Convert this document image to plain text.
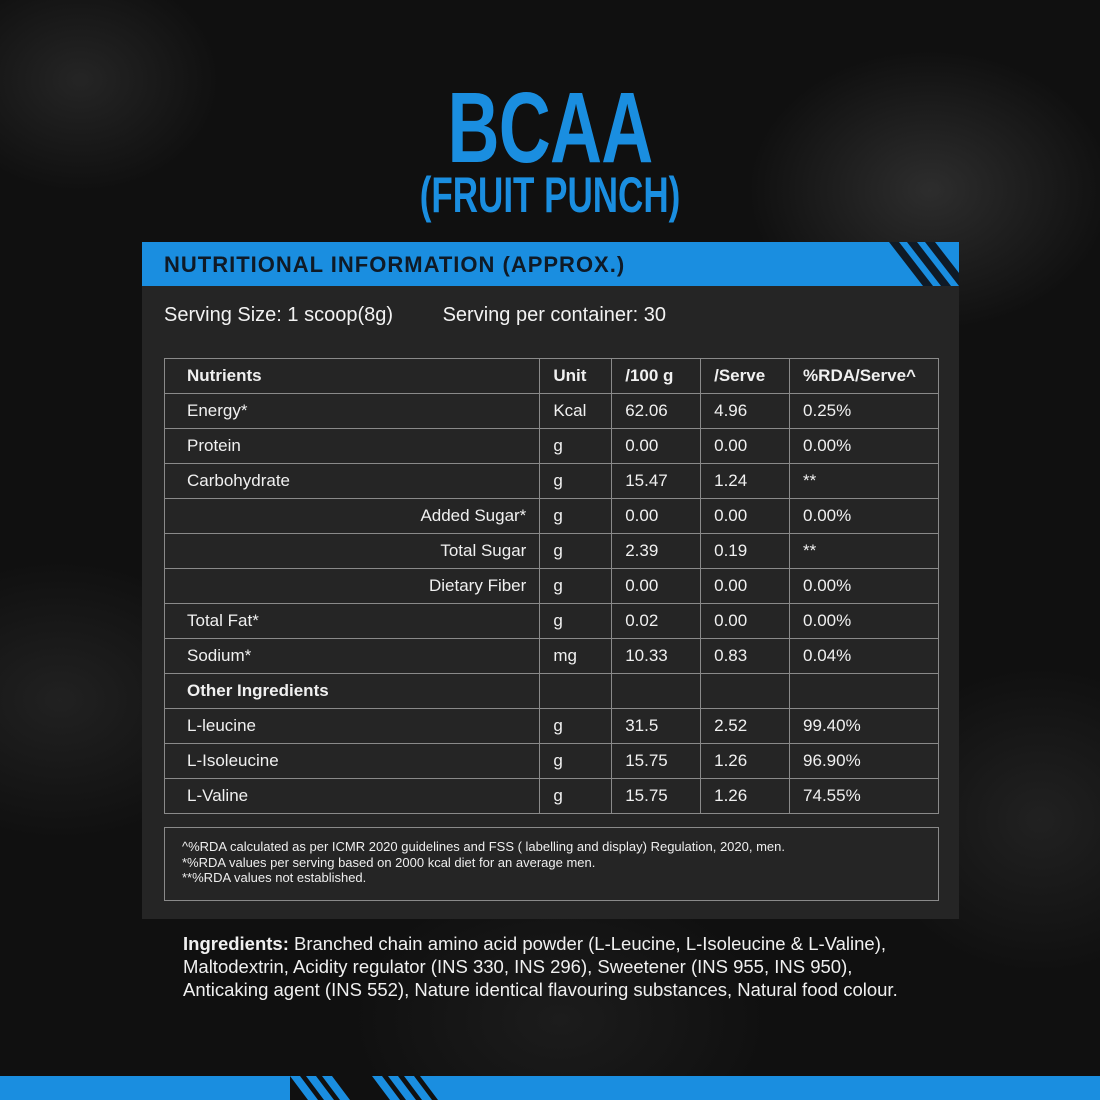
BCAA
(FRUIT PUNCH)
NUTRITIONAL INFORMATION (APPROX.)
Serving Size: 1 scoop(8g) Serving per container: 30
Nutrients	Unit	/100 g	/Serve	%RDA/Serve^
Energy*	Kcal	62.06	4.96	0.25%
Protein	g	0.00	0.00	0.00%
Carbohydrate	g	15.47	1.24	**
Added Sugar*	g	0.00	0.00	0.00%
Total Sugar	g	2.39	0.19	**
Dietary Fiber	g	0.00	0.00	0.00%
Total Fat*	g	0.02	0.00	0.00%
Sodium*	mg	10.33	0.83	0.04%
Other Ingredients				
L-leucine	g	31.5	2.52	99.40%
L-Isoleucine	g	15.75	1.26	96.90%
L-Valine	g	15.75	1.26	74.55%
^%RDA calculated as per ICMR 2020 guidelines and FSS ( labelling and display) Regulation, 2020, men.
*%RDA values per serving based on 2000 kcal diet for an average men.
**%RDA values not established.
Ingredients: Branched chain amino acid powder (L-Leucine, L-Isoleucine & L-Valine),
Maltodextrin, Acidity regulator (INS 330, INS 296), Sweetener (INS 955, INS 950),
Anticaking agent (INS 552), Nature identical flavouring substances, Natural food colour.
